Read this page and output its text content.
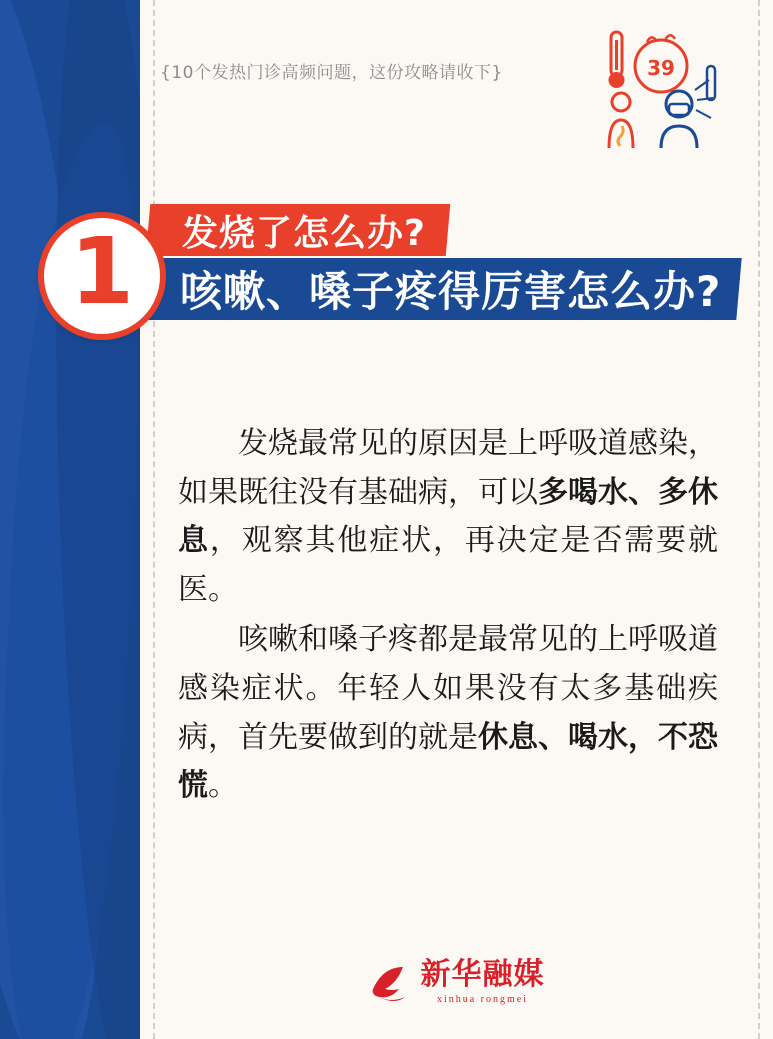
{10个发热门诊高频问题，这份攻略请收下}	39
咳嗽、嗓子疼得厉害怎么办?
发烧了怎么办?
1

发烧最常见的原因是上呼吸道感染，如果既往没有基础病，可以多喝水、多休息，观察其他症状，再决定是否需要就医。

咳嗽和嗓子疼都是最常见的上呼吸道感染症状。年轻人如果没有太多基础疾病，首先要做到的就是休息、喝水，不恐慌。

新华融媒
xinhua rongmei
